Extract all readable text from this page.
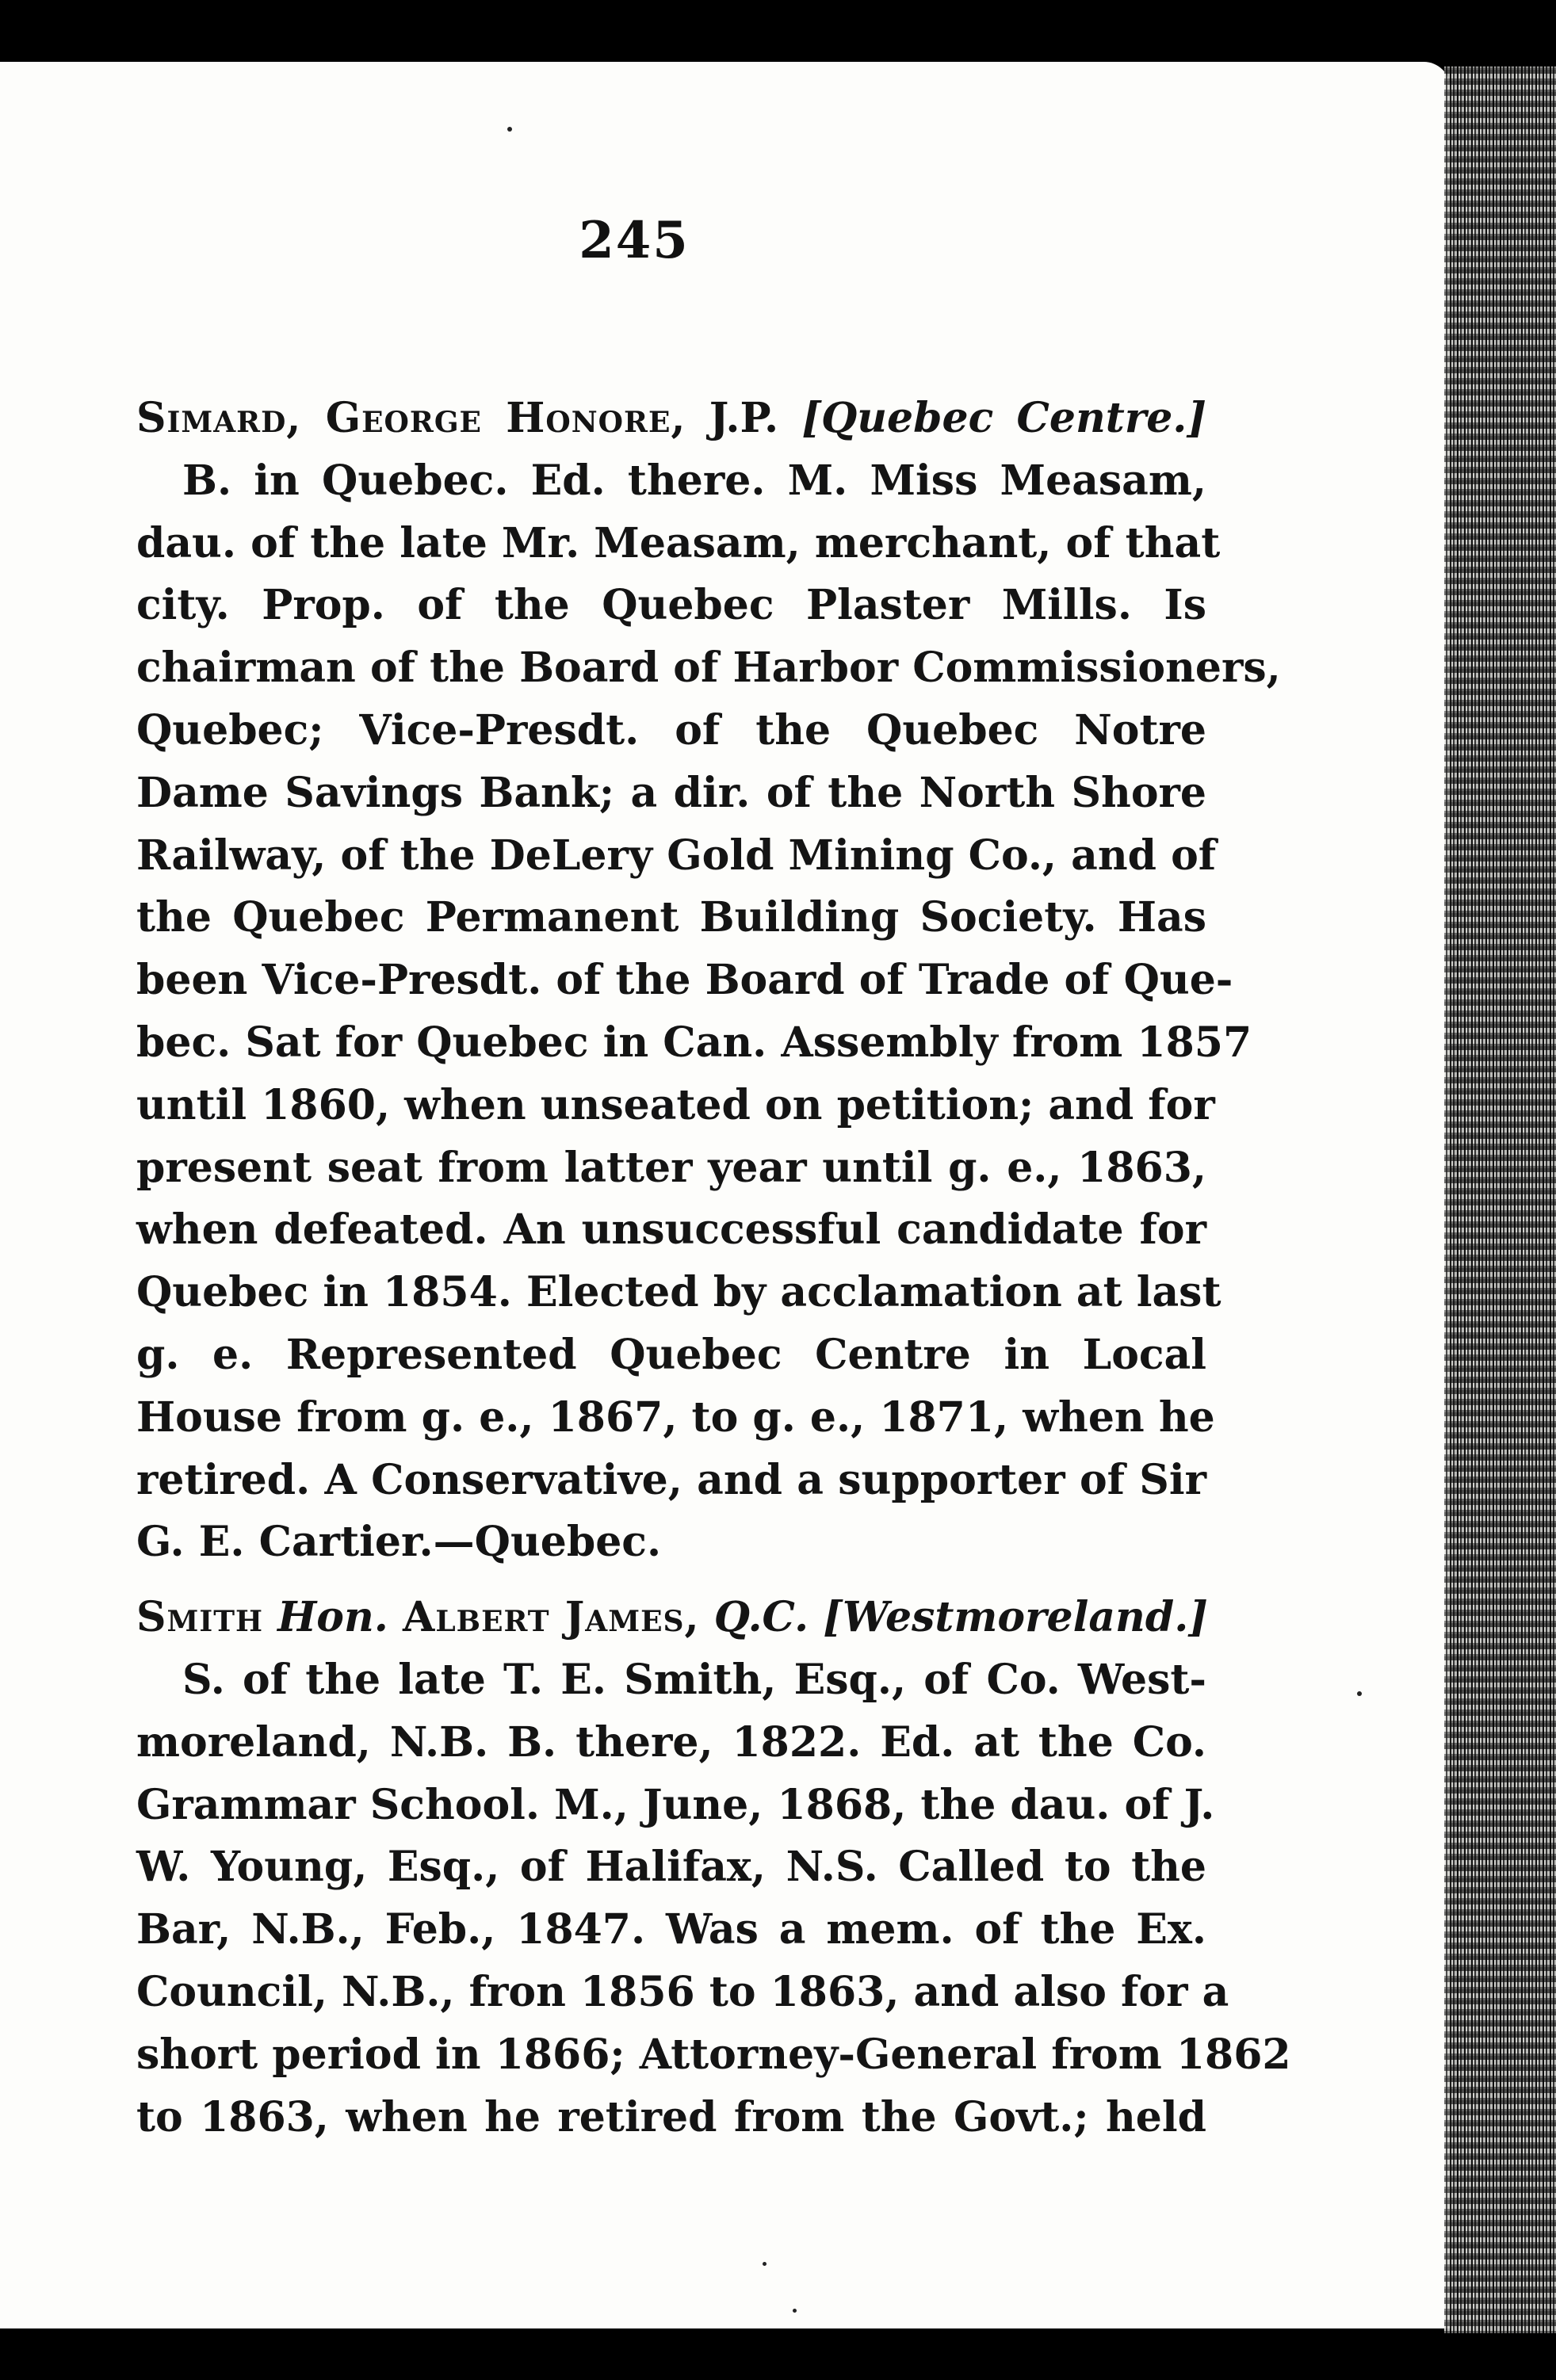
245
Simard, George Honore, J.P. [Quebec Centre.]
B. in Quebec. Ed. there. M. Miss Measam,
dau. of the late Mr. Measam, merchant, of that
city. Prop. of the Quebec Plaster Mills. Is
chairman of the Board of Harbor Commissioners,
Quebec; Vice-Presdt. of the Quebec Notre
Dame Savings Bank; a dir. of the North Shore
Railway, of the DeLery Gold Mining Co., and of
the Quebec Permanent Building Society. Has
been Vice-Presdt. of the Board of Trade of Que-
bec. Sat for Quebec in Can. Assembly from 1857
until 1860, when unseated on petition; and for
present seat from latter year until g. e., 1863,
when defeated. An unsuccessful candidate for
Quebec in 1854. Elected by acclamation at last
g. e. Represented Quebec Centre in Local
House from g. e., 1867, to g. e., 1871, when he
retired. A Conservative, and a supporter of Sir
G. E. Cartier.—Quebec.
Smith Hon. Albert James, Q.C. [Westmoreland.]
S. of the late T. E. Smith, Esq., of Co. West-
moreland, N.B. B. there, 1822. Ed. at the Co.
Grammar School. M., June, 1868, the dau. of J.
W. Young, Esq., of Halifax, N.S. Called to the
Bar, N.B., Feb., 1847. Was a mem. of the Ex.
Council, N.B., fron 1856 to 1863, and also for a
short period in 1866; Attorney-General from 1862
to 1863, when he retired from the Govt.; held
